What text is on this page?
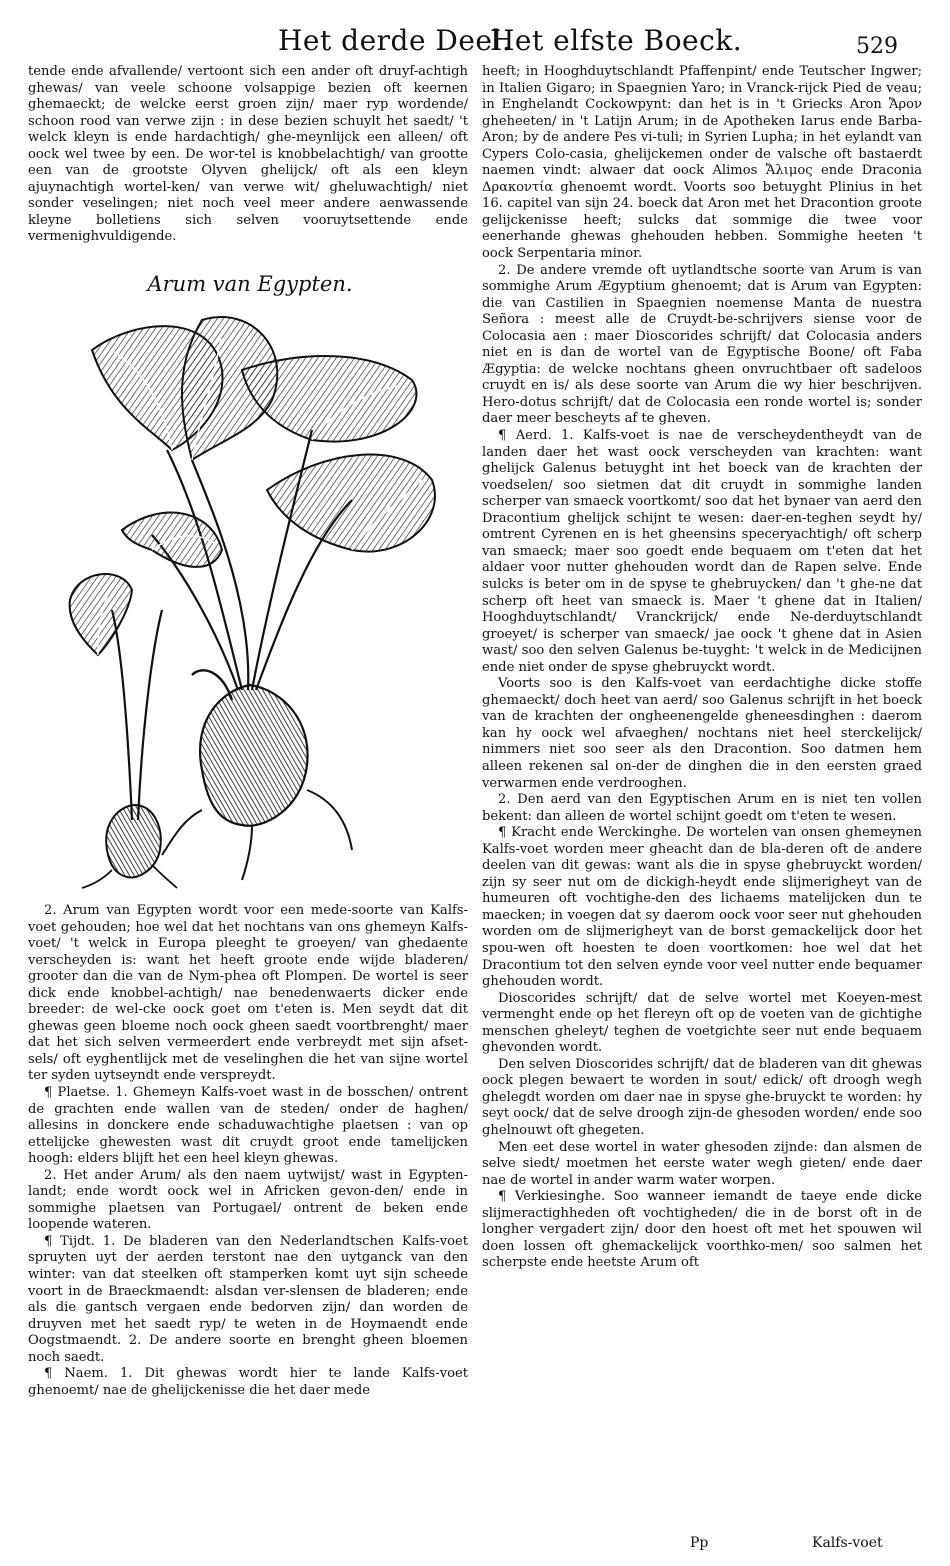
Het derde Deel.
Het elfste Boeck.	529

tende ende afvallende/ vertoont sich een ander oft druyf-achtigh ghewas/ van veele schoone volsappige bezien oft keernen ghemaeckt; de welcke eerst groen zijn/ maer ryp wordende/ schoon rood van verwe zijn : in dese bezien schuylt het saedt/ 't welck kleyn is ende hardachtigh/ ghe-meynlijck een alleen/ oft oock wel twee by een. De wor-tel is knobbelachtigh/ van grootte een van de grootste Olyven ghelijck/ oft als een kleyn ajuynachtigh wortel-ken/ van verwe wit/ gheluwachtigh/ niet sonder veselingen; niet noch veel meer andere aenwassende kleyne bolletiens sich selven vooruytsettende ende vermenighvuldigende.

Arum van Egypten.

2. Arum van Egypten wordt voor een mede-soorte van Kalfs-voet gehouden; hoe wel dat het nochtans van ons ghemeyn Kalfs-voet/ 't welck in Europa pleeght te groeyen/ van ghedaente verscheyden is: want het heeft groote ende wijde bladeren/ grooter dan die van de Nym-phea oft Plompen. De wortel is seer dick ende knobbel-achtigh/ nae benedenwaerts dicker ende breeder: de wel-cke oock goet om t'eten is. Men seydt dat dit ghewas geen bloeme noch oock gheen saedt voortbrenght/ maer dat het sich selven vermeerdert ende verbreydt met sijn afset-sels/ oft eyghentlijck met de veselinghen die het van sijne wortel ter syden uytseyndt ende verspreydt.

¶ Plaetse. 1. Ghemeyn Kalfs-voet wast in de bosschen/ ontrent de grachten ende wallen van de steden/ onder de haghen/ allesins in donckere ende schaduwachtighe plaetsen : van op ettelijcke ghewesten wast dit cruydt groot ende tamelijcken hoogh: elders blijft het een heel kleyn ghewas.

2. Het ander Arum/ als den naem uytwijst/ wast in Egypten-landt; ende wordt oock wel in Africken gevon-den/ ende in sommighe plaetsen van Portugael/ ontrent de beken ende loopende wateren.

¶ Tijdt. 1. De bladeren van den Nederlandtschen Kalfs-voet spruyten uyt der aerden terstont nae den uytganck van den winter: van dat steelken oft stamperken komt uyt sijn scheede voort in de Braeckmaendt: alsdan ver-slensen de bladeren; ende als die gantsch vergaen ende bedorven zijn/ dan worden de druyven met het saedt ryp/ te weten in de Hoymaendt ende Oogstmaendt. 2. De andere soorte en brenght gheen bloemen noch saedt.

¶ Naem. 1. Dit ghewas wordt hier te lande Kalfs-voet ghenoemt/ nae de ghelijckenisse die het daer mede

heeft; in Hooghduytschlandt Pfaffenpint/ ende Teutscher Ingwer; in Italien Gigaro; in Spaegnien Yaro; in Vranck-rijck Pied de veau; in Enghelandt Cockowpynt: dan het is in 't Griecks Aron Ἄρον gheheeten/ in 't Latijn Arum; in de Apotheken Iarus ende Barba-Aron; by de andere Pes vi-tuli; in Syrien Lupha; in het eylandt van Cypers Colo-casia, ghelijckemen onder de valsche oft bastaerdt naemen vindt: alwaer dat oock Alimos Ἄλιμος ende Draconia Δρακοντία ghenoemt wordt. Voorts soo betuyght Plinius in het 16. capitel van sijn 24. boeck dat Aron met het Dracontion groote gelijckenisse heeft; sulcks dat sommige die twee voor eenerhande ghewas ghehouden hebben. Sommighe heeten 't oock Serpentaria minor.

2. De andere vremde oft uytlandtsche soorte van Arum is van sommighe Arum Ægyptium ghenoemt; dat is Arum van Egypten: die van Castilien in Spaegnien noemense Manta de nuestra Señora : meest alle de Cruydt-be-schrijvers siense voor de Colocasia aen : maer Dioscorides schrijft/ dat Colocasia anders niet en is dan de wortel van de Egyptische Boone/ oft Faba Ægyptia: de welcke nochtans gheen onvruchtbaer oft sadeloos cruydt en is/ als dese soorte van Arum die wy hier beschrijven. Hero-dotus schrijft/ dat de Colocasia een ronde wortel is; sonder daer meer bescheyts af te gheven.

¶ Aerd. 1. Kalfs-voet is nae de verscheydentheydt van de landen daer het wast oock verscheyden van krachten: want ghelijck Galenus betuyght int het boeck van de krachten der voedselen/ soo sietmen dat dit cruydt in sommighe landen scherper van smaeck voortkomt/ soo dat het bynaer van aerd den Dracontium ghelijck schijnt te wesen: daer-en-teghen seydt hy/ omtrent Cyrenen en is het gheensins speceryachtigh/ oft scherp van smaeck; maer soo goedt ende bequaem om t'eten dat het aldaer voor nutter ghehouden wordt dan de Rapen selve. Ende sulcks is beter om in de spyse te ghebruycken/ dan 't ghe-ne dat scherp oft heet van smaeck is. Maer 't ghene dat in Italien/ Hooghduytschlandt/ Vranckrijck/ ende Ne-derduytschlandt groeyet/ is scherper van smaeck/ jae oock 't ghene dat in Asien wast/ soo den selven Galenus be-tuyght: 't welck in de Medicijnen ende niet onder de spyse ghebruyckt wordt.

Voorts soo is den Kalfs-voet van eerdachtighe dicke stoffe ghemaeckt/ doch heet van aerd/ soo Galenus schrijft in het boeck van de krachten der ongheenengelde gheneesdinghen : daerom kan hy oock wel afvaeghen/ nochtans niet heel sterckelijck/ nimmers niet soo seer als den Dracontion. Soo datmen hem alleen rekenen sal on-der de dinghen die in den eersten graed verwarmen ende verdrooghen.

2. Den aerd van den Egyptischen Arum en is niet ten vollen bekent: dan alleen de wortel schijnt goedt om t'eten te wesen.

¶ Kracht ende Werckinghe. De wortelen van onsen ghemeynen Kalfs-voet worden meer gheacht dan de bla-deren oft de andere deelen van dit gewas: want als die in spyse ghebruyckt worden/ zijn sy seer nut om de dickigh-heydt ende slijmerigheyt van de humeuren oft vochtighe-den des lichaems matelijcken dun te maecken; in voegen dat sy daerom oock voor seer nut ghehouden worden om de slijmerigheyt van de borst gemackelijck door het spou-wen oft hoesten te doen voortkomen: hoe wel dat het Dracontium tot den selven eynde voor veel nutter ende bequamer ghehouden wordt.

Dioscorides schrijft/ dat de selve wortel met Koeyen-mest vermenght ende op het flereyn oft op de voeten van de gichtighe menschen gheleyt/ teghen de voetgichte seer nut ende bequaem ghevonden wordt.

Den selven Dioscorides schrijft/ dat de bladeren van dit ghewas oock plegen bewaert te worden in sout/ edick/ oft droogh wegh ghelegdt worden om daer nae in spyse ghe-bruyckt te worden: hy seyt oock/ dat de selve droogh zijn-de ghesoden worden/ ende soo ghelnouwt oft ghegeten.

Men eet dese wortel in water ghesoden zijnde: dan alsmen de selve siedt/ moetmen het eerste water wegh gieten/ ende daer nae de wortel in ander warm water worpen.

¶ Verkiesinghe. Soo wanneer iemandt de taeye ende dicke slijmeractighheden oft vochtigheden/ die in de borst oft in de longher vergadert zijn/ door den hoest oft met het spouwen wil doen lossen oft ghemackelijck voorthko-men/ soo salmen het scherpste ende heetste Arum oft

Pp	Kalfs-voet
